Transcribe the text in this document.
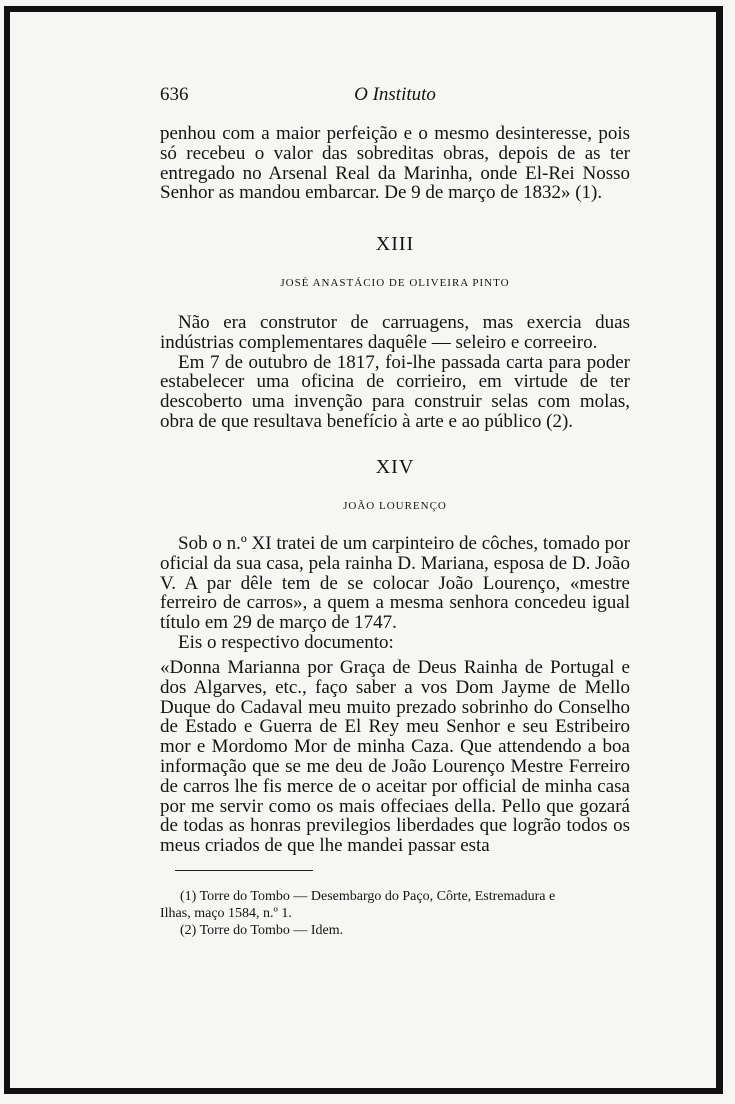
636	O Instituto

penhou com a maior perfeição e o mesmo desinteresse, pois só recebeu o valor das sobreditas obras, depois de as ter entregado no Arsenal Real da Marinha, onde El-Rei Nosso Senhor as mandou embarcar. De 9 de março de 1832» (1).

XIII
JOSÉ ANASTÁCIO DE OLIVEIRA PINTO

Não era construtor de carruagens, mas exercia duas indústrias complementares daquêle — seleiro e correeiro.

Em 7 de outubro de 1817, foi-lhe passada carta para poder estabelecer uma oficina de corrieiro, em virtude de ter descoberto uma invenção para construir selas com molas, obra de que resultava benefício à arte e ao público (2).

XIV
JOÃO LOURENÇO

Sob o n.º XI tratei de um carpinteiro de côches, tomado por oficial da sua casa, pela rainha D. Mariana, esposa de D. João V. A par dêle tem de se colocar João Lourenço, «mestre ferreiro de carros», a quem a mesma senhora concedeu igual título em 29 de março de 1747.

Eis o respectivo documento:

«Donna Marianna por Graça de Deus Rainha de Portugal e dos Algarves, etc., faço saber a vos Dom Jayme de Mello Duque do Cadaval meu muito prezado sobrinho do Conselho de Estado e Guerra de El Rey meu Senhor e seu Estribeiro mor e Mordomo Mor de minha Caza. Que attendendo a boa informação que se me deu de João Lourenço Mestre Ferreiro de carros lhe fis merce de o aceitar por official de minha casa por me servir como os mais offeciaes della. Pello que gozará de todas as honras previlegios liberdades que logrão todos os meus criados de que lhe mandei passar esta

(1) Torre do Tombo — Desembargo do Paço, Côrte, Estremadura e

Ilhas, maço 1584, n.º 1.

(2) Torre do Tombo — Idem.
